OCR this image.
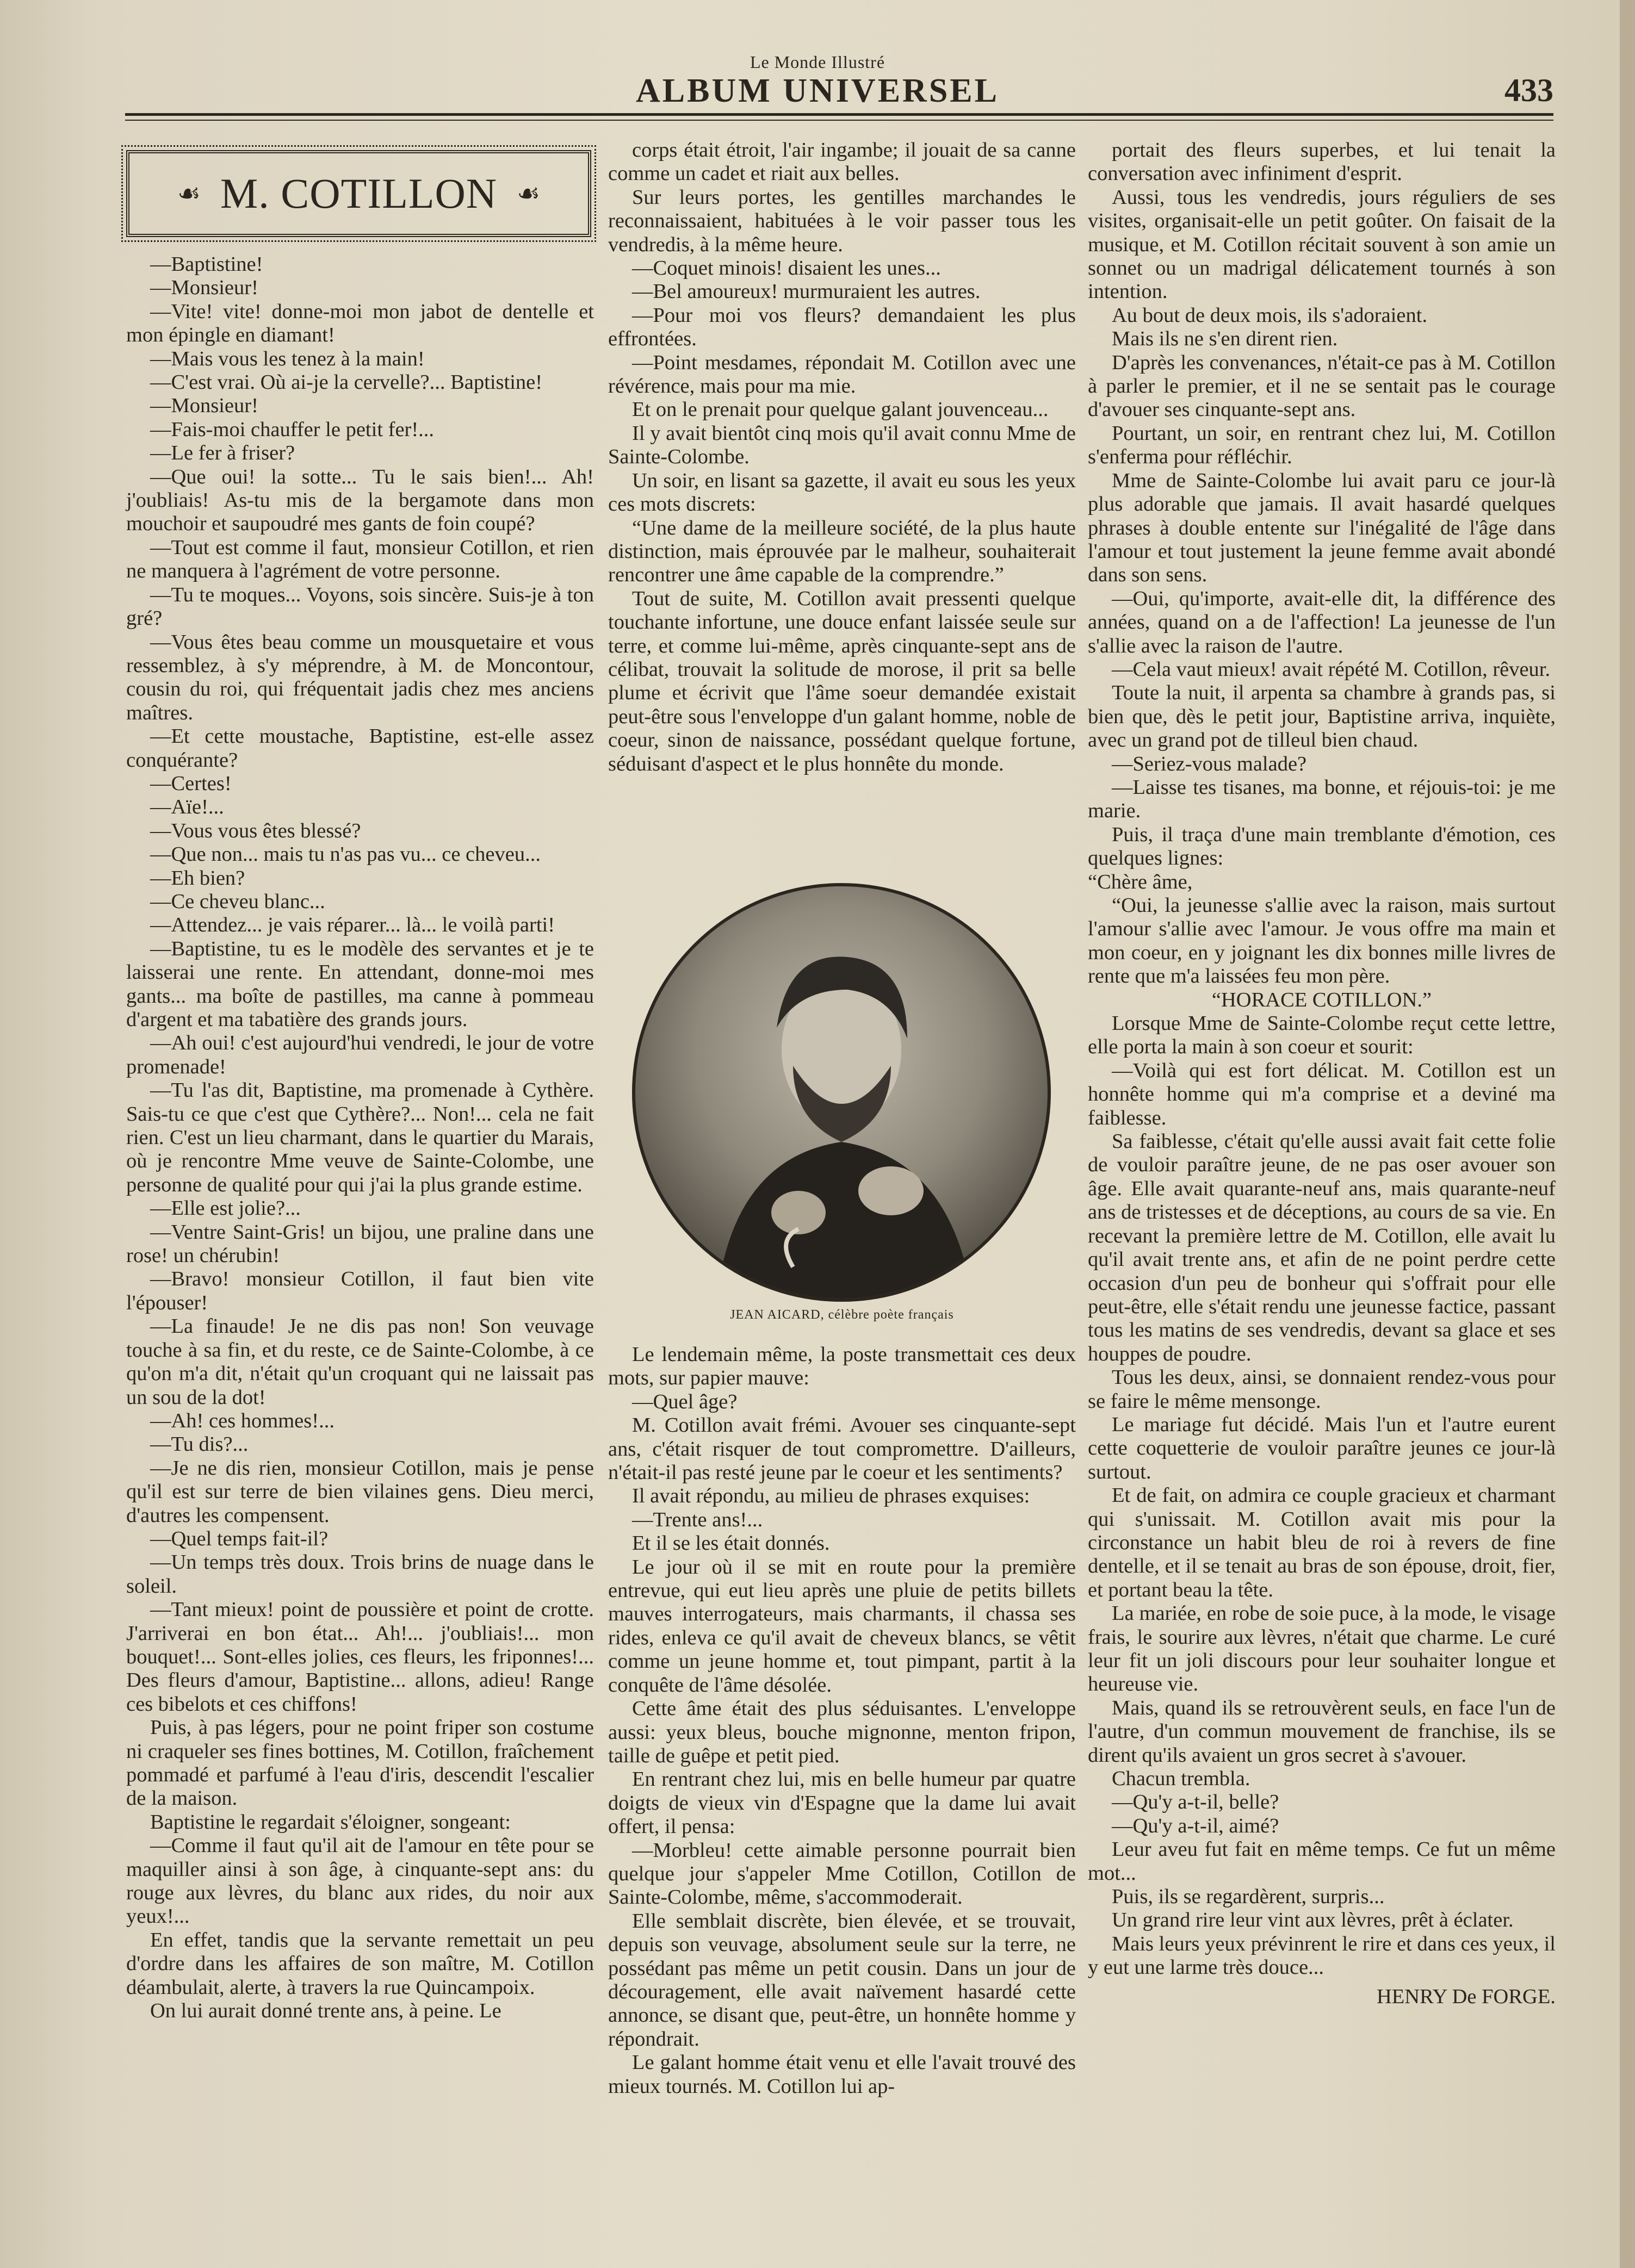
Le Monde Illustré
ALBUM UNIVERSEL	433
☙ M. COTILLON ☙

—Baptistine!

—Monsieur!

—Vite! vite! donne-moi mon jabot de dentelle et mon épingle en diamant!

—Mais vous les tenez à la main!

—C'est vrai. Où ai-je la cervelle?... Baptistine!

—Monsieur!

—Fais-moi chauffer le petit fer!...

—Le fer à friser?

—Que oui! la sotte... Tu le sais bien!... Ah! j'oubliais! As-tu mis de la bergamote dans mon mouchoir et saupoudré mes gants de foin coupé?

—Tout est comme il faut, monsieur Cotillon, et rien ne manquera à l'agrément de votre personne.

—Tu te moques... Voyons, sois sincère. Suis-je à ton gré?

—Vous êtes beau comme un mousquetaire et vous ressemblez, à s'y méprendre, à M. de Moncontour, cousin du roi, qui fréquentait jadis chez mes anciens maîtres.

—Et cette moustache, Baptistine, est-elle assez conquérante?

—Certes!

—Aïe!...

—Vous vous êtes blessé?

—Que non... mais tu n'as pas vu... ce cheveu...

—Eh bien?

—Ce cheveu blanc...

—Attendez... je vais réparer... là... le voilà parti!

—Baptistine, tu es le modèle des servantes et je te laisserai une rente. En attendant, donne-moi mes gants... ma boîte de pastilles, ma canne à pommeau d'argent et ma tabatière des grands jours.

—Ah oui! c'est aujourd'hui vendredi, le jour de votre promenade!

—Tu l'as dit, Baptistine, ma promenade à Cythère. Sais-tu ce que c'est que Cythère?... Non!... cela ne fait rien. C'est un lieu charmant, dans le quartier du Marais, où je rencontre Mme veuve de Sainte-Colombe, une personne de qualité pour qui j'ai la plus grande estime.

—Elle est jolie?...

—Ventre Saint-Gris! un bijou, une praline dans une rose! un chérubin!

—Bravo! monsieur Cotillon, il faut bien vite l'épouser!

—La finaude! Je ne dis pas non! Son veuvage touche à sa fin, et du reste, ce de Sainte-Colombe, à ce qu'on m'a dit, n'était qu'un croquant qui ne laissait pas un sou de la dot!

—Ah! ces hommes!...

—Tu dis?...

—Je ne dis rien, monsieur Cotillon, mais je pense qu'il est sur terre de bien vilaines gens. Dieu merci, d'autres les compensent.

—Quel temps fait-il?

—Un temps très doux. Trois brins de nuage dans le soleil.

—Tant mieux! point de poussière et point de crotte. J'arriverai en bon état... Ah!... j'oubliais!... mon bouquet!... Sont-elles jolies, ces fleurs, les friponnes!... Des fleurs d'amour, Baptistine... allons, adieu! Range ces bibelots et ces chiffons!

Puis, à pas légers, pour ne point friper son costume ni craqueler ses fines bottines, M. Cotillon, fraîchement pommadé et parfumé à l'eau d'iris, descendit l'escalier de la maison.

Baptistine le regardait s'éloigner, songeant:

—Comme il faut qu'il ait de l'amour en tête pour se maquiller ainsi à son âge, à cinquante-sept ans: du rouge aux lèvres, du blanc aux rides, du noir aux yeux!...

En effet, tandis que la servante remettait un peu d'ordre dans les affaires de son maître, M. Cotillon déambulait, alerte, à travers la rue Quincampoix.

On lui aurait donné trente ans, à peine. Le

corps était étroit, l'air ingambe; il jouait de sa canne comme un cadet et riait aux belles.

Sur leurs portes, les gentilles marchandes le reconnaissaient, habituées à le voir passer tous les vendredis, à la même heure.

—Coquet minois! disaient les unes...

—Bel amoureux! murmuraient les autres.

—Pour moi vos fleurs? demandaient les plus effrontées.

—Point mesdames, répondait M. Cotillon avec une révérence, mais pour ma mie.

Et on le prenait pour quelque galant jouvenceau...

Il y avait bientôt cinq mois qu'il avait connu Mme de Sainte-Colombe.

Un soir, en lisant sa gazette, il avait eu sous les yeux ces mots discrets:

“Une dame de la meilleure société, de la plus haute distinction, mais éprouvée par le malheur, souhaiterait rencontrer une âme capable de la comprendre.”

Tout de suite, M. Cotillon avait pressenti quelque touchante infortune, une douce enfant laissée seule sur terre, et comme lui-même, après cinquante-sept ans de célibat, trouvait la solitude de morose, il prit sa belle plume et écrivit que l'âme soeur demandée existait peut-être sous l'enveloppe d'un galant homme, noble de coeur, sinon de naissance, possédant quelque fortune, séduisant d'aspect et le plus honnête du monde.

JEAN AICARD, célèbre poète français

Le lendemain même, la poste transmettait ces deux mots, sur papier mauve:

—Quel âge?

M. Cotillon avait frémi. Avouer ses cinquante-sept ans, c'était risquer de tout compromettre. D'ailleurs, n'était-il pas resté jeune par le coeur et les sentiments?

Il avait répondu, au milieu de phrases exquises:

—Trente ans!...

Et il se les était donnés.

Le jour où il se mit en route pour la première entrevue, qui eut lieu après une pluie de petits billets mauves interrogateurs, mais charmants, il chassa ses rides, enleva ce qu'il avait de cheveux blancs, se vêtit comme un jeune homme et, tout pimpant, partit à la conquête de l'âme désolée.

Cette âme était des plus séduisantes. L'enveloppe aussi: yeux bleus, bouche mignonne, menton fripon, taille de guêpe et petit pied.

En rentrant chez lui, mis en belle humeur par quatre doigts de vieux vin d'Espagne que la dame lui avait offert, il pensa:

—Morbleu! cette aimable personne pourrait bien quelque jour s'appeler Mme Cotillon, Cotillon de Sainte-Colombe, même, s'accommoderait.

Elle semblait discrète, bien élevée, et se trouvait, depuis son veuvage, absolument seule sur la terre, ne possédant pas même un petit cousin. Dans un jour de découragement, elle avait naïvement hasardé cette annonce, se disant que, peut-être, un honnête homme y répondrait.

Le galant homme était venu et elle l'avait trouvé des mieux tournés. M. Cotillon lui ap-

portait des fleurs superbes, et lui tenait la conversation avec infiniment d'esprit.

Aussi, tous les vendredis, jours réguliers de ses visites, organisait-elle un petit goûter. On faisait de la musique, et M. Cotillon récitait souvent à son amie un sonnet ou un madrigal délicatement tournés à son intention.

Au bout de deux mois, ils s'adoraient.

Mais ils ne s'en dirent rien.

D'après les convenances, n'était-ce pas à M. Cotillon à parler le premier, et il ne se sentait pas le courage d'avouer ses cinquante-sept ans.

Pourtant, un soir, en rentrant chez lui, M. Cotillon s'enferma pour réfléchir.

Mme de Sainte-Colombe lui avait paru ce jour-là plus adorable que jamais. Il avait hasardé quelques phrases à double entente sur l'inégalité de l'âge dans l'amour et tout justement la jeune femme avait abondé dans son sens.

—Oui, qu'importe, avait-elle dit, la différence des années, quand on a de l'affection! La jeunesse de l'un s'allie avec la raison de l'autre.

—Cela vaut mieux! avait répété M. Cotillon, rêveur.

Toute la nuit, il arpenta sa chambre à grands pas, si bien que, dès le petit jour, Baptistine arriva, inquiète, avec un grand pot de tilleul bien chaud.

—Seriez-vous malade?

—Laisse tes tisanes, ma bonne, et réjouis-toi: je me marie.

Puis, il traça d'une main tremblante d'émotion, ces quelques lignes:

“Chère âme,

“Oui, la jeunesse s'allie avec la raison, mais surtout l'amour s'allie avec l'amour. Je vous offre ma main et mon coeur, en y joignant les dix bonnes mille livres de rente que m'a laissées feu mon père.

“HORACE COTILLON.”

Lorsque Mme de Sainte-Colombe reçut cette lettre, elle porta la main à son coeur et sourit:

—Voilà qui est fort délicat. M. Cotillon est un honnête homme qui m'a comprise et a deviné ma faiblesse.

Sa faiblesse, c'était qu'elle aussi avait fait cette folie de vouloir paraître jeune, de ne pas oser avouer son âge. Elle avait quarante-neuf ans, mais quarante-neuf ans de tristesses et de déceptions, au cours de sa vie. En recevant la première lettre de M. Cotillon, elle avait lu qu'il avait trente ans, et afin de ne point perdre cette occasion d'un peu de bonheur qui s'offrait pour elle peut-être, elle s'était rendu une jeunesse factice, passant tous les matins de ses vendredis, devant sa glace et ses houppes de poudre.

Tous les deux, ainsi, se donnaient rendez-vous pour se faire le même mensonge.

Le mariage fut décidé. Mais l'un et l'autre eurent cette coquetterie de vouloir paraître jeunes ce jour-là surtout.

Et de fait, on admira ce couple gracieux et charmant qui s'unissait. M. Cotillon avait mis pour la circonstance un habit bleu de roi à revers de fine dentelle, et il se tenait au bras de son épouse, droit, fier, et portant beau la tête.

La mariée, en robe de soie puce, à la mode, le visage frais, le sourire aux lèvres, n'était que charme. Le curé leur fit un joli discours pour leur souhaiter longue et heureuse vie.

Mais, quand ils se retrouvèrent seuls, en face l'un de l'autre, d'un commun mouvement de franchise, ils se dirent qu'ils avaient un gros secret à s'avouer.

Chacun trembla.

—Qu'y a-t-il, belle?

—Qu'y a-t-il, aimé?

Leur aveu fut fait en même temps. Ce fut un même mot...

Puis, ils se regardèrent, surpris...

Un grand rire leur vint aux lèvres, prêt à éclater.

Mais leurs yeux prévinrent le rire et dans ces yeux, il y eut une larme très douce...

HENRY De FORGE.
